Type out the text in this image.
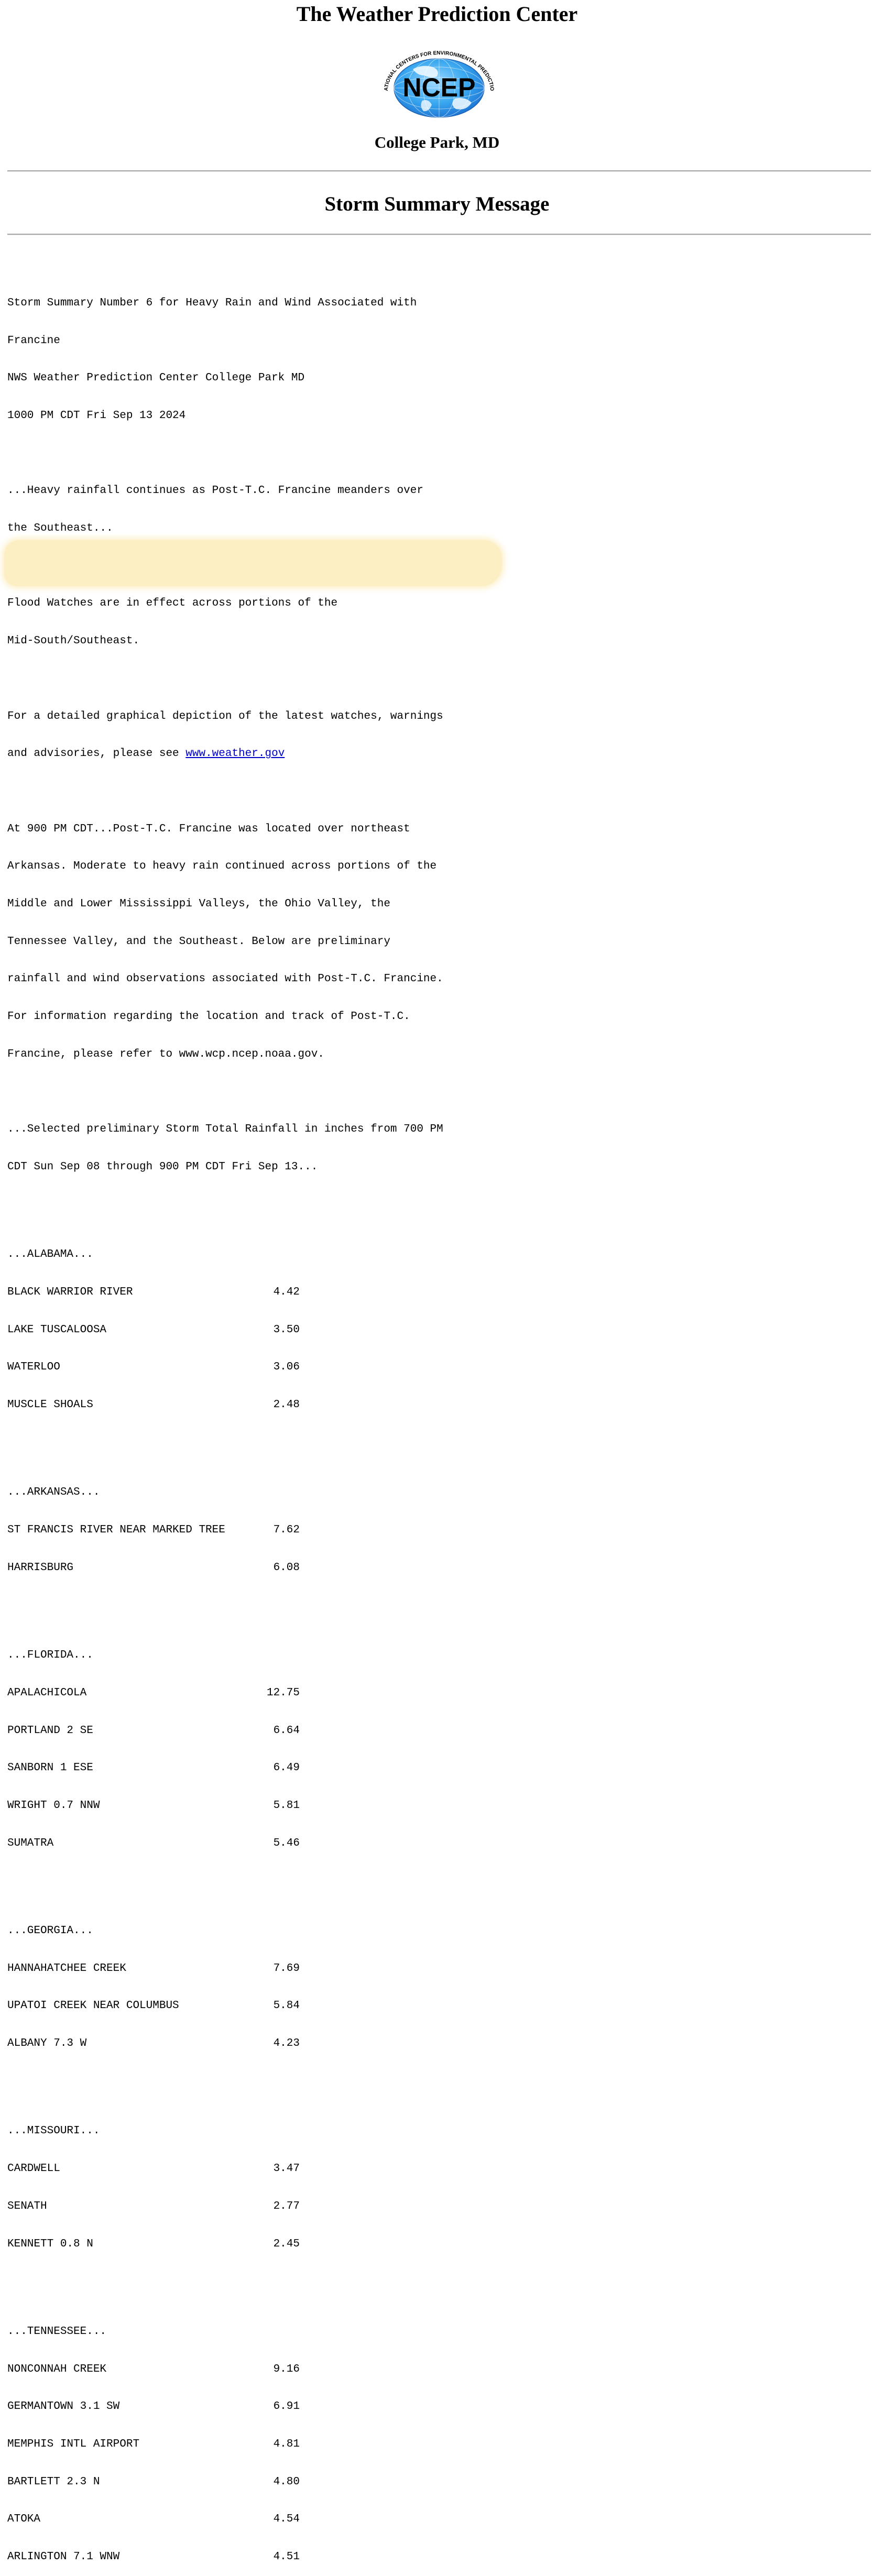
The Weather Prediction Center
NCEP
ATIONAL CENTERS FOR ENVIRONMENTAL PREDICTIO
College Park, MD
Storm Summary Message

Storm Summary Number 6 for Heavy Rain and Wind Associated with

Francine

NWS Weather Prediction Center College Park MD

1000 PM CDT Fri Sep 13 2024

...Heavy rainfall continues as Post-T.C. Francine meanders over

the Southeast...

Flood Watches are in effect across portions of the

Mid-South/Southeast.

For a detailed graphical depiction of the latest watches, warnings

and advisories, please see www.weather.gov

At 900 PM CDT...Post-T.C. Francine was located over northeast

Arkansas. Moderate to heavy rain continued across portions of the

Middle and Lower Mississippi Valleys, the Ohio Valley, the

Tennessee Valley, and the Southeast. Below are preliminary

rainfall and wind observations associated with Post-T.C. Francine.

For information regarding the location and track of Post-T.C.

Francine, please refer to www.wcp.ncep.noaa.gov.

...Selected preliminary Storm Total Rainfall in inches from 700 PM

CDT Sun Sep 08 through 900 PM CDT Fri Sep 13...

...ALABAMA...

BLACK WARRIOR RIVER	4.42

LAKE TUSCALOOSA	3.50

WATERLOO	3.06

MUSCLE SHOALS	2.48

...ARKANSAS...

ST FRANCIS RIVER NEAR MARKED TREE	7.62

HARRISBURG	6.08

...FLORIDA...

APALACHICOLA	12.75

PORTLAND 2 SE	6.64

SANBORN 1 ESE	6.49

WRIGHT 0.7 NNW	5.81

SUMATRA	5.46

...GEORGIA...

HANNAHATCHEE CREEK	7.69

UPATOI CREEK NEAR COLUMBUS	5.84

ALBANY 7.3 W	4.23

...MISSOURI...

CARDWELL	3.47

SENATH	2.77

KENNETT 0.8 N	2.45

...TENNESSEE...

NONCONNAH CREEK	9.16

GERMANTOWN 3.1 SW	6.91

MEMPHIS INTL AIRPORT	4.81

BARTLETT 2.3 N	4.80

ATOKA	4.54

ARLINGTON 7.1 WNW	4.51
